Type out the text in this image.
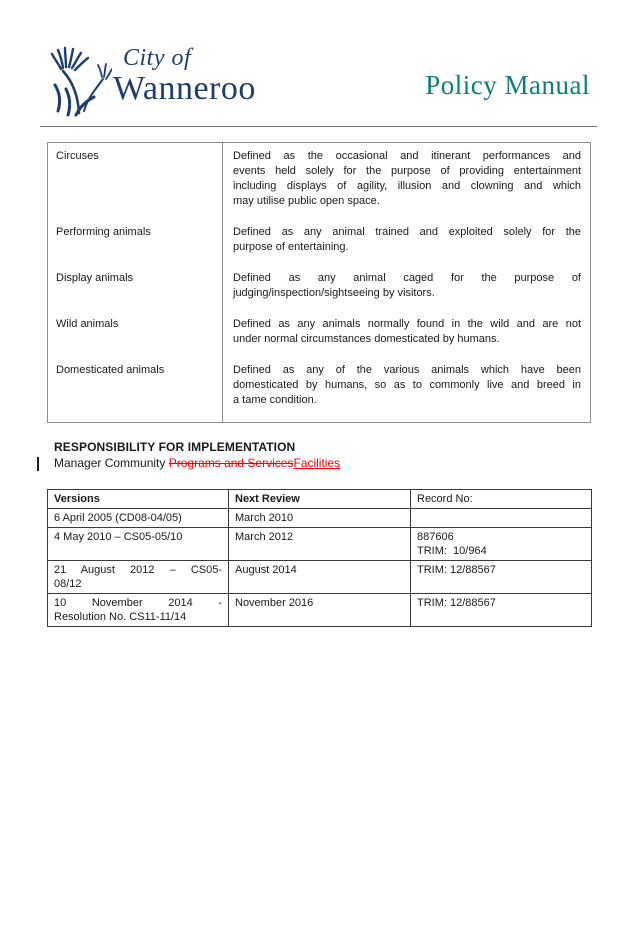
City of
Wanneroo	Policy Manual
Circuses	Defined as the occasional and itinerant performances and
events held solely for the purpose of providing entertainment
including displays of agility, illusion and clowning and which
may utilise public open space.

Performing animals	Defined as any animal trained and exploited solely for the
purpose of entertaining.

Display animals	Defined as any animal caged for the purpose of
judging/inspection/sightseeing by visitors.

Wild animals	Defined as any animals normally found in the wild and are not
under normal circumstances domesticated by humans.

Domesticated animals	Defined as any of the various animals which have been
domesticated by humans, so as to commonly live and breed in
a tame condition.
RESPONSIBILITY FOR IMPLEMENTATION
Manager Community Programs and ServicesFacilities
Versions	Next Review	Record No:
6 April 2005 (CD08-04/05)	March 2010	
4 May 2010 – CS05-05/10	March 2012	887606
TRIM:  10/964

21 August 2012 – CS05-
08/12	August 2014	TRIM: 12/88567

10 November 2014 -
Resolution No. CS11-11/14	November 2016	TRIM: 12/88567
